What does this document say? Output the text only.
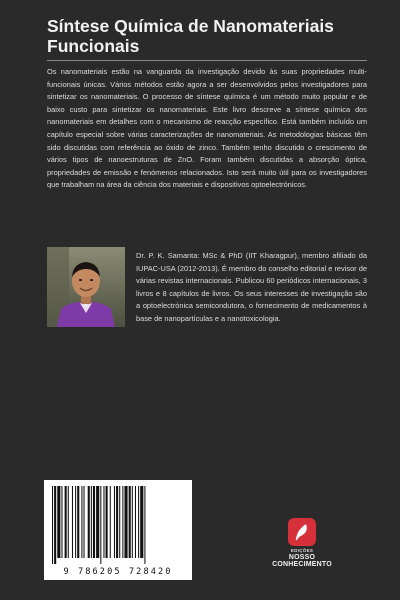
Síntese Química de Nanomateriais Funcionais

Os nanomateriais estão na vanguarda da investigação devido às suas propriedades multi-funcionais únicas. Vários métodos estão agora a ser desenvolvidos pelos investigadores para sintetizar os nanomateriais. O processo de síntese química é um método muito popular e de baixo custo para sintetizar os nanomateriais. Este livro descreve a síntese química dos nanomateriais em detalhes com o mecanismo de reacção específico. Está também incluído um capítulo especial sobre várias caracterizações de nanomateriais. As metodologias básicas têm sido discutidas com referência ao óxido de zinco. Também tenho discutido o crescimento de vários tipos de nanoestruturas de ZnO. Foram também discutidas a absorção óptica, propriedades de emissão e fenómenos relacionados. Isto será muito útil para os investigadores que trabalham na área da ciência dos materiais e dispositivos optoelectrónicos.

Dr. P. K. Samanta: MSc & PhD (IIT Kharagpur), membro afiliado da IUPAC-USA (2012-2013). É membro do conselho editorial e revisor de várias revistas internacionais. Publicou 60 periódicos internacionais, 3 livros e 8 capítulos de livros. Os seus interesses de investigação são a optoelectrónica semicondutora, o fornecimento de medicamentos à base de nanopartículas e a nanotoxicologia.

9 786205 728420
EDIÇÕES
NOSSO CONHECIMENTO
